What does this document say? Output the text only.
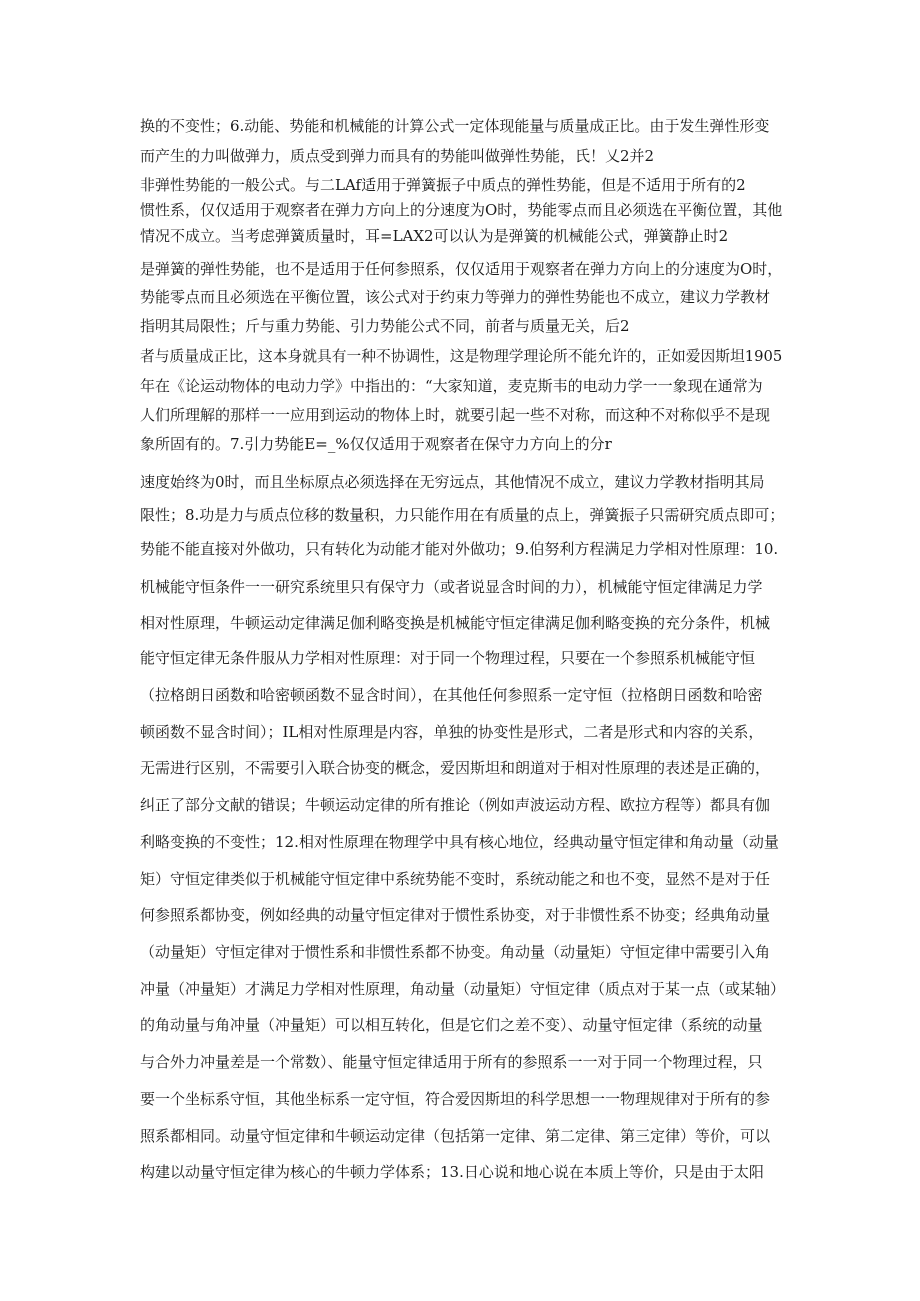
换的不变性；6.动能、势能和机械能的计算公式一定体现能量与质量成正比。由于发生弹性形变

而产生的力叫做弹力，质点受到弹力而具有的势能叫做弹性势能，氏！乂2并2

非弹性势能的一般公式。与二LAf适用于弹簧振子中质点的弹性势能，但是不适用于所有的2

惯性系，仅仅适用于观察者在弹力方向上的分速度为O时，势能零点而且必须选在平衡位置，其他

情况不成立。当考虑弹簧质量时，耳=LAX2可以认为是弹簧的机械能公式，弹簧静止时2

是弹簧的弹性势能，也不是适用于任何参照系，仅仅适用于观察者在弹力方向上的分速度为O时，

势能零点而且必须选在平衡位置，该公式对于约束力等弹力的弹性势能也不成立，建议力学教材

指明其局限性；斤与重力势能、引力势能公式不同，前者与质量无关，后2

者与质量成正比，这本身就具有一种不协调性，这是物理学理论所不能允许的，正如爱因斯坦1905

年在《论运动物体的电动力学》中指出的：“大家知道，麦克斯韦的电动力学一一象现在通常为

人们所理解的那样一一应用到运动的物体上时，就要引起一些不对称，而这种不对称似乎不是现

象所固有的。7.引力势能E=_%仅仅适用于观察者在保守力方向上的分r

速度始终为0时，而且坐标原点必须选择在无穷远点，其他情况不成立，建议力学教材指明其局

限性；8.功是力与质点位移的数量积，力只能作用在有质量的点上，弹簧振子只需研究质点即可；

势能不能直接对外做功，只有转化为动能才能对外做功；9.伯努利方程满足力学相对性原理：10.

机械能守恒条件一一研究系统里只有保守力（或者说显含时间的力），机械能守恒定律满足力学

相对性原理，牛顿运动定律满足伽利略变换是机械能守恒定律满足伽利略变换的充分条件，机械

能守恒定律无条件服从力学相对性原理：对于同一个物理过程，只要在一个参照系机械能守恒

（拉格朗日函数和哈密顿函数不显含时间），在其他任何参照系一定守恒（拉格朗日函数和哈密

顿函数不显含时间）；IL相对性原理是内容，单独的协变性是形式，二者是形式和内容的关系，

无需进行区别，不需要引入联合协变的概念，爱因斯坦和朗道对于相对性原理的表述是正确的，

纠正了部分文献的错误；牛顿运动定律的所有推论（例如声波运动方程、欧拉方程等）都具有伽

利略变换的不变性；12.相对性原理在物理学中具有核心地位，经典动量守恒定律和角动量（动量

矩）守恒定律类似于机械能守恒定律中系统势能不变时，系统动能之和也不变，显然不是对于任

何参照系都协变，例如经典的动量守恒定律对于惯性系协变，对于非惯性系不协变；经典角动量

（动量矩）守恒定律对于惯性系和非惯性系都不协变。角动量（动量矩）守恒定律中需要引入角

冲量（冲量矩）才满足力学相对性原理，角动量（动量矩）守恒定律（质点对于某一点（或某轴）

的角动量与角冲量（冲量矩）可以相互转化，但是它们之差不变）、动量守恒定律（系统的动量

与合外力冲量差是一个常数）、能量守恒定律适用于所有的参照系一一对于同一个物理过程，只

要一个坐标系守恒，其他坐标系一定守恒，符合爱因斯坦的科学思想一一物理规律对于所有的参

照系都相同。动量守恒定律和牛顿运动定律（包括第一定律、第二定律、第三定律）等价，可以

构建以动量守恒定律为核心的牛顿力学体系；13.日心说和地心说在本质上等价，只是由于太阳
